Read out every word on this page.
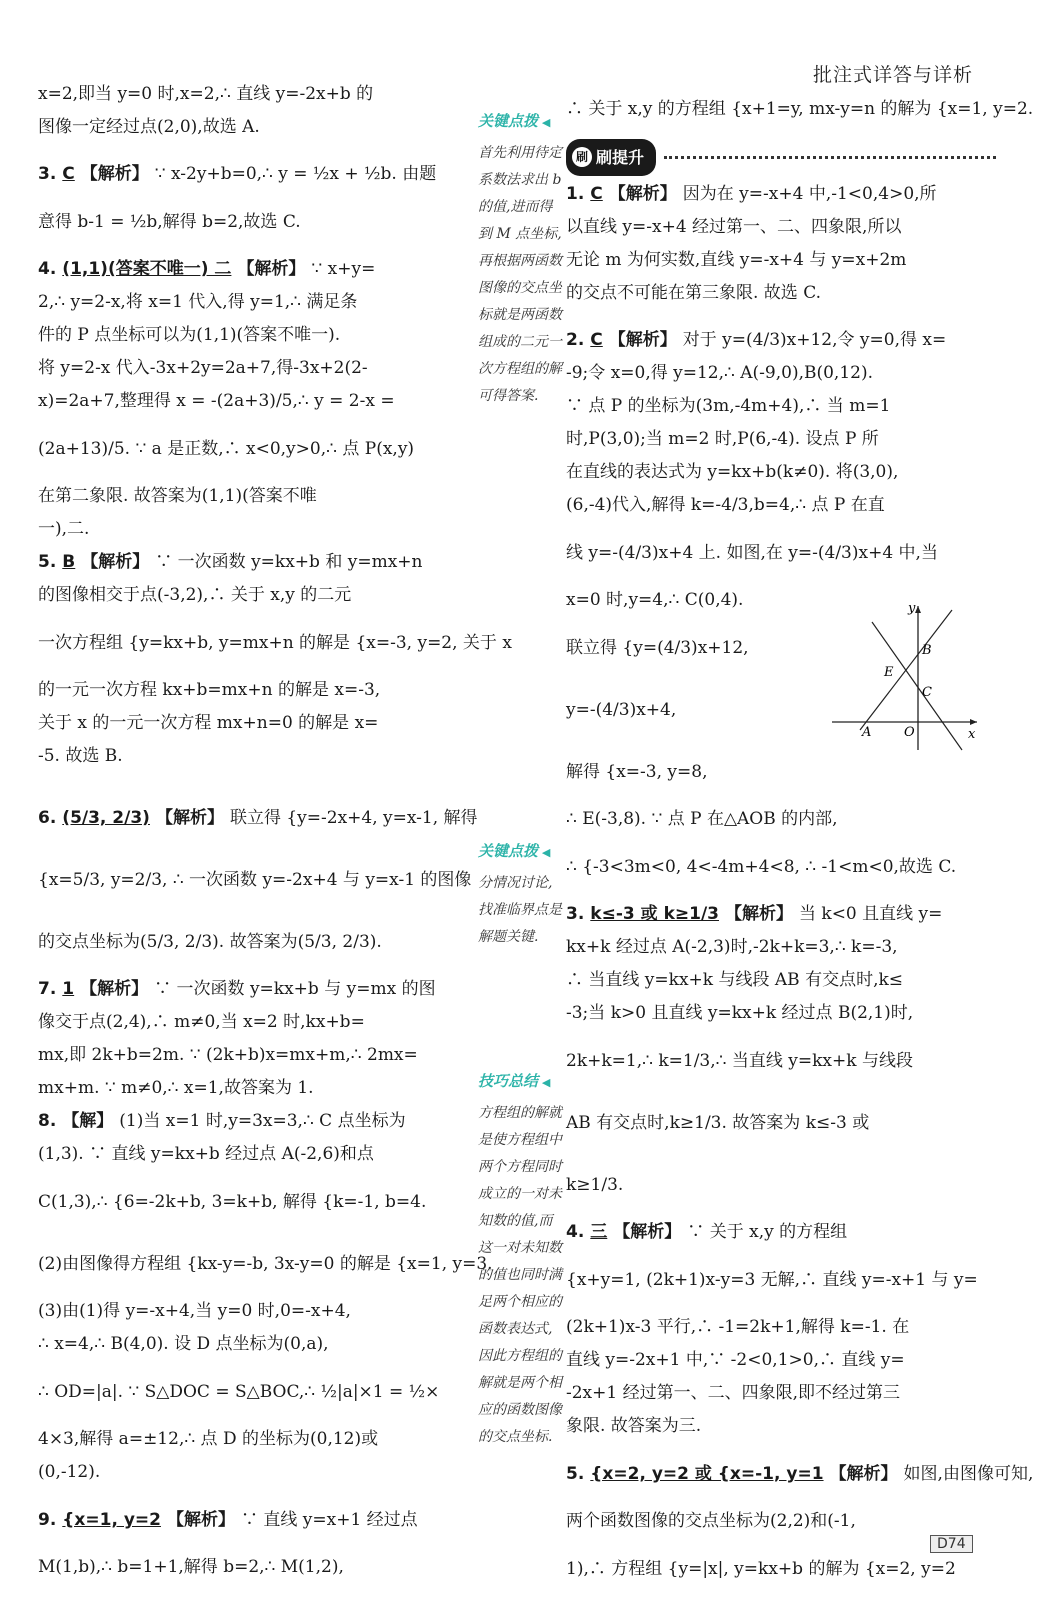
批注式详答与详析
x=2,即当 y=0 时,x=2,∴ 直线 y=-2x+b 的
图像一定经过点(2,0),故选 A.
3. C 【解析】 ∵ x-2y+b=0,∴ y = ½x + ½b. 由题
意得 b-1 = ½b,解得 b=2,故选 C.
4. (1,1)(答案不唯一) 二 【解析】 ∵ x+y=
2,∴ y=2-x,将 x=1 代入,得 y=1,∴ 满足条
件的 P 点坐标可以为(1,1)(答案不唯一).
将 y=2-x 代入-3x+2y=2a+7,得-3x+2(2-
x)=2a+7,整理得 x = -(2a+3)/5,∴ y = 2-x =
(2a+13)/5. ∵ a 是正数,∴ x<0,y>0,∴ 点 P(x,y)
在第二象限. 故答案为(1,1)(答案不唯
一),二.
5. B 【解析】 ∵ 一次函数 y=kx+b 和 y=mx+n
的图像相交于点(-3,2),∴ 关于 x,y 的二元
一次方程组 {y=kx+b, y=mx+n 的解是 {x=-3, y=2, 关于 x
的一元一次方程 kx+b=mx+n 的解是 x=-3,
关于 x 的一元一次方程 mx+n=0 的解是 x=
-5. 故选 B.
6. (5/3, 2/3) 【解析】 联立得 {y=-2x+4, y=x-1, 解得
{x=5/3, y=2/3, ∴ 一次函数 y=-2x+4 与 y=x-1 的图像
的交点坐标为(5/3, 2/3). 故答案为(5/3, 2/3).
7. 1 【解析】 ∵ 一次函数 y=kx+b 与 y=mx 的图
像交于点(2,4),∴ m≠0,当 x=2 时,kx+b=
mx,即 2k+b=2m. ∵ (2k+b)x=mx+m,∴ 2mx=
mx+m. ∵ m≠0,∴ x=1,故答案为 1.
8. 【解】 (1)当 x=1 时,y=3x=3,∴ C 点坐标为
(1,3). ∵ 直线 y=kx+b 经过点 A(-2,6)和点
C(1,3),∴ {6=-2k+b, 3=k+b, 解得 {k=-1, b=4.
(2)由图像得方程组 {kx-y=-b, 3x-y=0 的解是 {x=1, y=3.
(3)由(1)得 y=-x+4,当 y=0 时,0=-x+4,
∴ x=4,∴ B(4,0). 设 D 点坐标为(0,a),
∴ OD=|a|. ∵ S△DOC = S△BOC,∴ ½|a|×1 = ½×
4×3,解得 a=±12,∴ 点 D 的坐标为(0,12)或
(0,-12).
9. {x=1, y=2 【解析】 ∵ 直线 y=x+1 经过点
M(1,b),∴ b=1+1,解得 b=2,∴ M(1,2),
关键点拨 ◀
首先利用待定
系数法求出 b
的值,进而得
到 M 点坐标,
再根据两函数
图像的交点坐
标就是两函数
组成的二元一
次方程组的解
可得答案.
关键点拨 ◀
分情况讨论,
找准临界点是
解题关键.
技巧总结 ◀
方程组的解就
是使方程组中
两个方程同时
成立的一对未
知数的值,而
这一对未知数
的值也同时满
足两个相应的
函数表达式,
因此方程组的
解就是两个相
应的函数图像
的交点坐标.
∴ 关于 x,y 的方程组 {x+1=y, mx-y=n 的解为 {x=1, y=2.
刷 刷提升
1. C 【解析】 因为在 y=-x+4 中,-1<0,4>0,所
以直线 y=-x+4 经过第一、二、四象限,所以
无论 m 为何实数,直线 y=-x+4 与 y=x+2m
的交点不可能在第三象限. 故选 C.
2. C 【解析】 对于 y=(4/3)x+12,令 y=0,得 x=
-9;令 x=0,得 y=12,∴ A(-9,0),B(0,12).
∵ 点 P 的坐标为(3m,-4m+4),∴ 当 m=1
时,P(3,0);当 m=2 时,P(6,-4). 设点 P 所
在直线的表达式为 y=kx+b(k≠0). 将(3,0),
(6,-4)代入,解得 k=-4/3,b=4,∴ 点 P 在直
线 y=-(4/3)x+4 上. 如图,在 y=-(4/3)x+4 中,当
x=0 时,y=4,∴ C(0,4).
联立得 {y=(4/3)x+12,
y=-(4/3)x+4,
解得 {x=-3, y=8,
∴ E(-3,8). ∵ 点 P 在△AOB 的内部,
∴ {-3<3m<0, 4<-4m+4<8, ∴ -1<m<0,故选 C.
3. k≤-3 或 k≥1/3 【解析】 当 k<0 且直线 y=
kx+k 经过点 A(-2,3)时,-2k+k=3,∴ k=-3,
∴ 当直线 y=kx+k 与线段 AB 有交点时,k≤
-3;当 k>0 且直线 y=kx+k 经过点 B(2,1)时,
2k+k=1,∴ k=1/3,∴ 当直线 y=kx+k 与线段
AB 有交点时,k≥1/3. 故答案为 k≤-3 或
k≥1/3.
4. 三 【解析】 ∵ 关于 x,y 的方程组
{x+y=1, (2k+1)x-y=3 无解,∴ 直线 y=-x+1 与 y=
(2k+1)x-3 平行,∴ -1=2k+1,解得 k=-1. 在
直线 y=-2x+1 中,∵ -2<0,1>0,∴ 直线 y=
-2x+1 经过第一、二、四象限,即不经过第三
象限. 故答案为三.
5. {x=2, y=2 或 {x=-1, y=1 【解析】 如图,由图像可知,
两个函数图像的交点坐标为(2,2)和(-1,
1),∴ 方程组 {y=|x|, y=kx+b 的解为 {x=2, y=2
y
x
A	O
B
C
E
D74
